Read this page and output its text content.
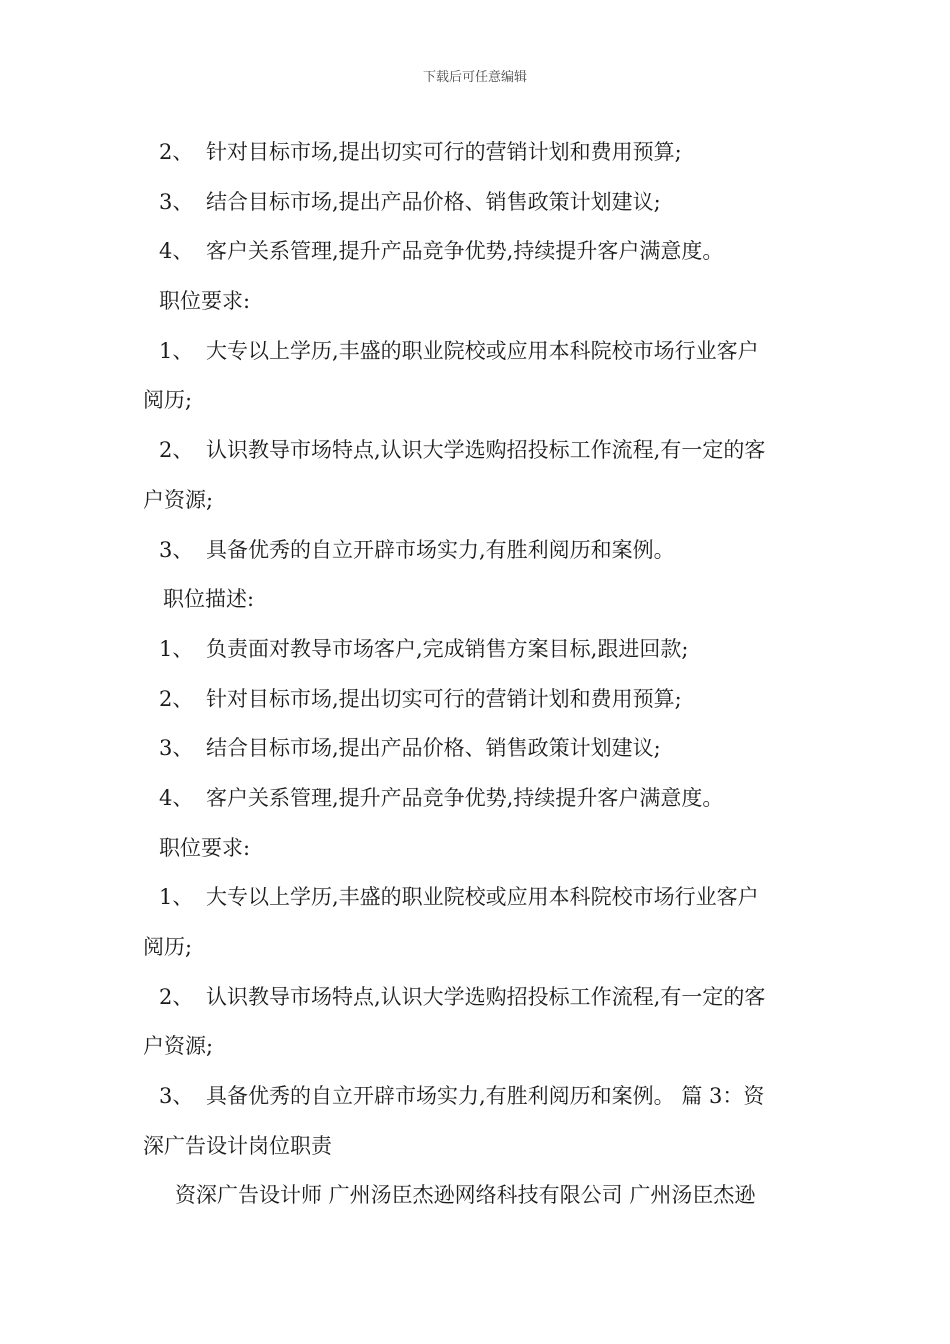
下载后可任意编辑
2、 针对目标市场,提出切实可行的营销计划和费用预算;
3、 结合目标市场,提出产品价格、销售政策计划建议;
4、 客户关系管理,提升产品竞争优势,持续提升客户满意度。
职位要求:
1、 大专以上学历,丰盛的职业院校或应用本科院校市场行业客户
阅历;
2、 认识教导市场特点,认识大学选购招投标工作流程,有一定的客
户资源;
3、 具备优秀的自立开辟市场实力,有胜利阅历和案例。
职位描述:
1、 负责面对教导市场客户,完成销售方案目标,跟进回款;
2、 针对目标市场,提出切实可行的营销计划和费用预算;
3、 结合目标市场,提出产品价格、销售政策计划建议;
4、 客户关系管理,提升产品竞争优势,持续提升客户满意度。
职位要求:
1、 大专以上学历,丰盛的职业院校或应用本科院校市场行业客户
阅历;
2、 认识教导市场特点,认识大学选购招投标工作流程,有一定的客
户资源;
3、 具备优秀的自立开辟市场实力,有胜利阅历和案例。 篇 3：资
深广告设计岗位职责
资深广告设计师 广州汤臣杰逊网络科技有限公司 广州汤臣杰逊
